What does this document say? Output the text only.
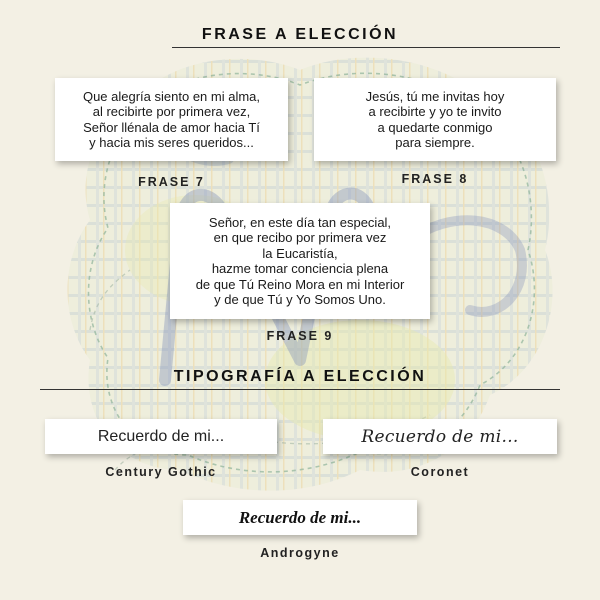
FRASE A ELECCIÓN
Que alegría siento en mi alma,
al recibirte por primera vez,
Señor llénala de amor hacia Tí
y hacia mis seres queridos...
FRASE 7
Jesús, tú me invitas hoy
a recibirte y yo te invito
a quedarte conmigo
para siempre.
FRASE 8
Señor, en este día tan especial,
en que recibo por primera vez
la Eucaristía,
hazme tomar conciencia plena
de que Tú Reino Mora en mi Interior
y de que Tú y Yo Somos Uno.
FRASE 9
TIPOGRAFÍA A ELECCIÓN
Recuerdo de mi...
Century Gothic
Recuerdo de mi...
Coronet
Recuerdo de mi...
Androgyne
